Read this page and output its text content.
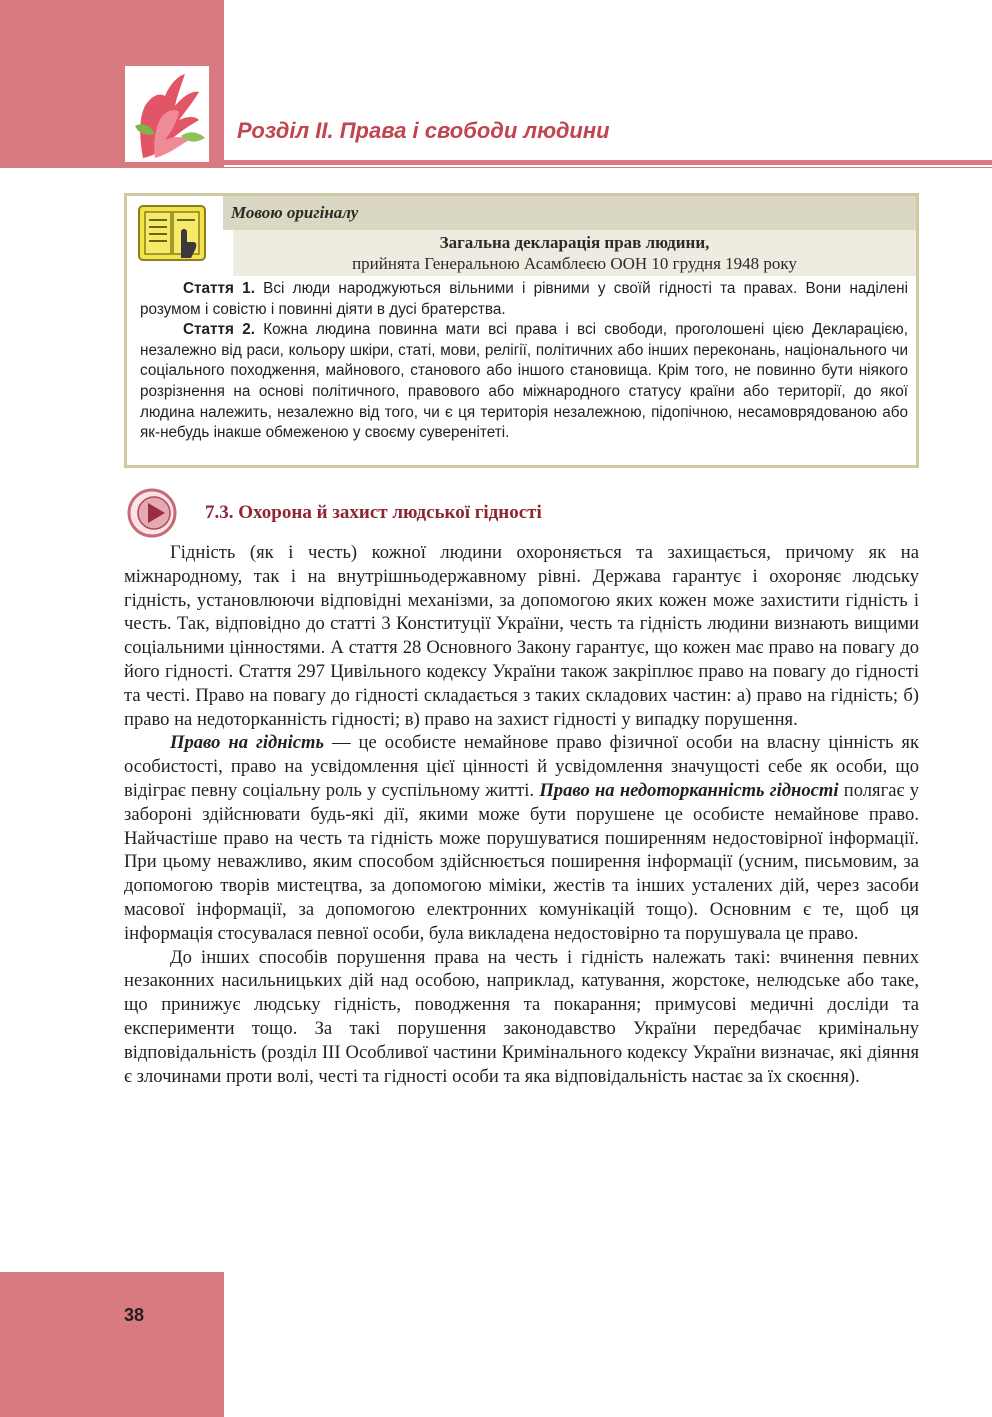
Розділ ІІ. Права і свободи людини
Мовою оригіналу
Загальна декларація прав людини,
прийнята Генеральною Асамблеєю ООН 10 грудня 1948 року

Стаття 1. Всі люди народжуються вільними і рівними у своїй гідності та правах. Вони наділені розумом і совістю і повинні діяти в дусі братерства.

Стаття 2. Кожна людина повинна мати всі права і всі свободи, проголошені цією Декларацією, незалежно від раси, кольору шкіри, статі, мови, релігії, політичних або інших переконань, національного чи соціального походження, майнового, станового або іншого становища. Крім того, не повинно бути ніякого розрізнення на основі політичного, правового або міжнародного статусу країни або території, до якої людина належить, незалежно від того, чи є ця територія незалежною, підопічною, несамоврядованою або як-небудь інакше обмеженою у своєму суверенітеті.

7.3. Охорона й захист людської гідності

Гідність (як і честь) кожної людини охороняється та захищається, причому як на міжнародному, так і на внутрішньодержавному рівні. Держава гарантує і охороняє людську гідність, установлюючи відповідні механізми, за допомогою яких кожен може захистити гідність і честь. Так, відповідно до статті 3 Конституції України, честь та гідність людини визнають вищими соціальними цінностями. А стаття 28 Основного Закону гарантує, що кожен має право на повагу до його гідності. Стаття 297 Цивільного кодексу України також закріплює право на повагу до гідності та честі. Право на повагу до гідності складається з таких складових частин: а) право на гідність; б) право на недоторканність гідності; в) право на захист гідності у випадку порушення.

Право на гідність — це особисте немайнове право фізичної особи на власну цінність як особистості, право на усвідомлення цієї цінності й усвідомлення значущості себе як особи, що відіграє певну соціальну роль у суспільному житті. Право на недоторканність гідності полягає у забороні здійснювати будь-які дії, якими може бути порушене це особисте немайнове право. Найчастіше право на честь та гідність може порушуватися поширенням недостовірної інформації. При цьому неважливо, яким способом здійснюється поширення інформації (усним, письмовим, за допомогою творів мистецтва, за допомогою міміки, жестів та інших усталених дій, через засоби масової інформації, за допомогою електронних комунікацій тощо). Основним є те, щоб ця інформація стосувалася певної особи, була викладена недостовірно та порушувала це право.

До інших способів порушення права на честь і гідність належать такі: вчинення певних незаконних насильницьких дій над особою, наприклад, катування, жорстоке, нелюдське або таке, що принижує людську гідність, поводження та покарання; примусові медичні досліди та експерименти тощо. За такі порушення законодавство України передбачає кримінальну відповідальність (розділ ІІІ Особливої частини Кримінального кодексу України визначає, які діяння є злочинами проти волі, честі та гідності особи та яка відповідальність настає за їх скоєння).

38
